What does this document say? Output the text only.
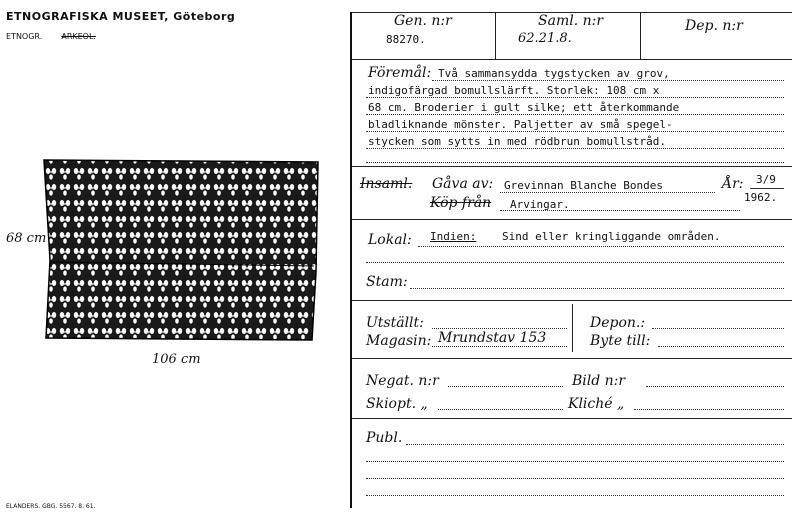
ETNOGRAFISKA MUSEET, Göteborg
ETNOGR. ARKEOL.
68 cm
106 cm
ELANDERS. GBG. 5567. 8. 61.
Gen. n:r
88270.
Saml. n:r
62.21.8.
Dep. n:r
Föremål: Två sammansydda tygstycken av grov,
indigofärgad bomullslärft. Storlek: 108 cm x
68 cm. Broderier i gult silke; ett återkommande
bladliknande mönster. Paljetter av små spegel-
stycken som sytts in med rödbrun bomullstråd.
Insaml. Gåva av: Grevinnan Blanche Bondes
Köp från Arvingar.
År: 3/9
1962.
Lokal: Indien: Sind eller kringliggande områden.
Stam:
Utställt:
Magasin: Mrundstav 153
Depon.:
Byte till:
Negat. n:r
Skiopt. „
Bild n:r
Kliché „
Publ.
